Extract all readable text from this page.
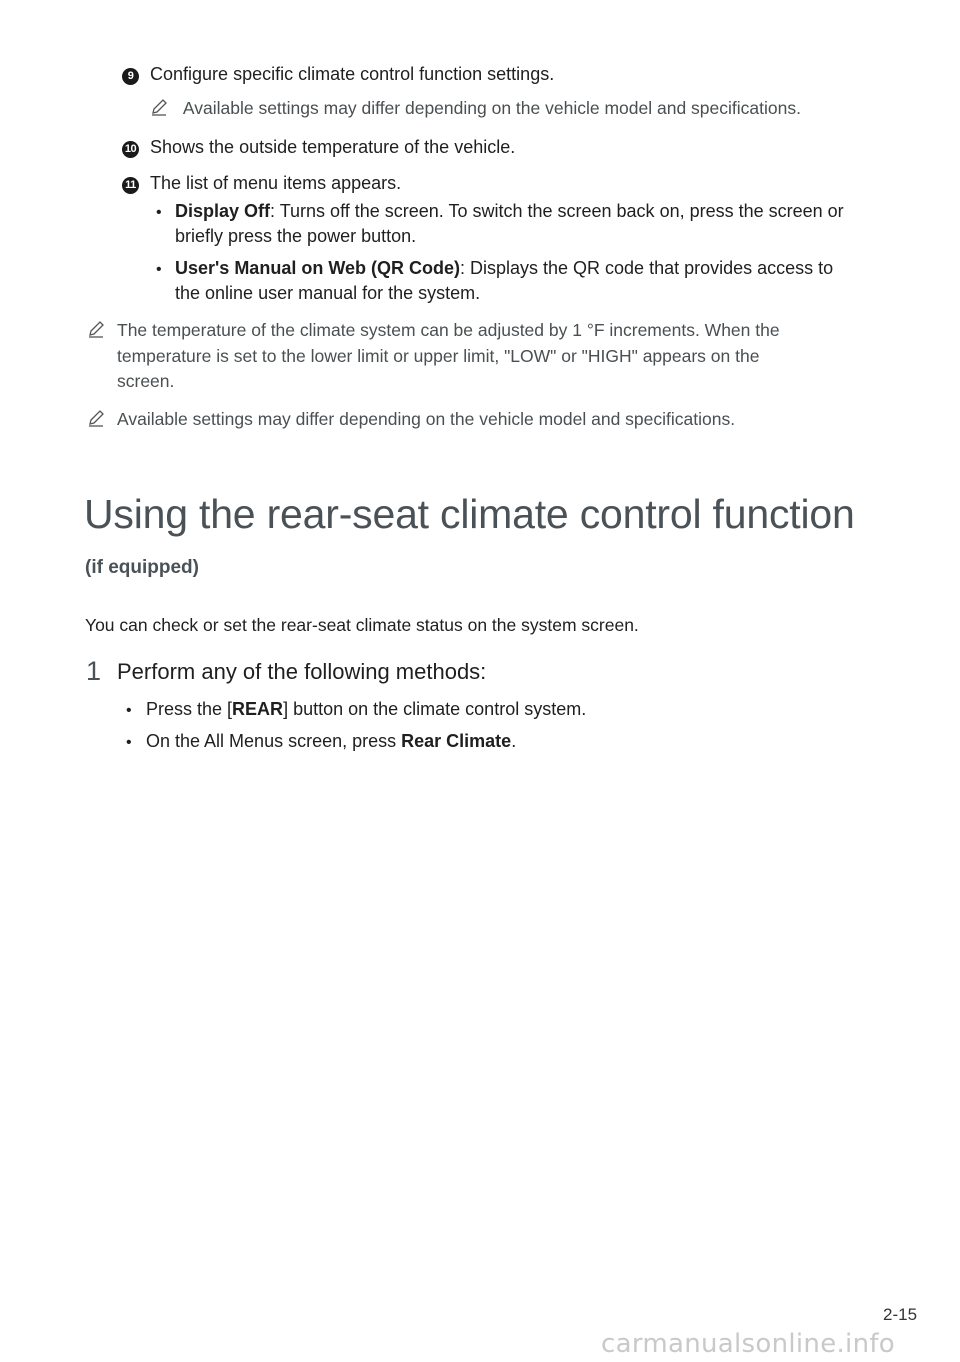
9 Configure specific climate control function settings.
Available settings may differ depending on the vehicle model and specifications.
10 Shows the outside temperature of the vehicle.
11 The list of menu items appears.
• Display Off: Turns off the screen. To switch the screen back on, press the screen or
briefly press the power button.
• User's Manual on Web (QR Code): Displays the QR code that provides access to
the online user manual for the system.
The temperature of the climate system can be adjusted by 1 °F increments. When the
temperature is set to the lower limit or upper limit, "LOW" or "HIGH" appears on the
screen.
Available settings may differ depending on the vehicle model and specifications.
Using the rear-seat climate control function
(if equipped)
You can check or set the rear-seat climate status on the system screen.
1 Perform any of the following methods:
• Press the [REAR] button on the climate control system.
• On the All Menus screen, press Rear Climate.
2-15
carmanualsonline.info
